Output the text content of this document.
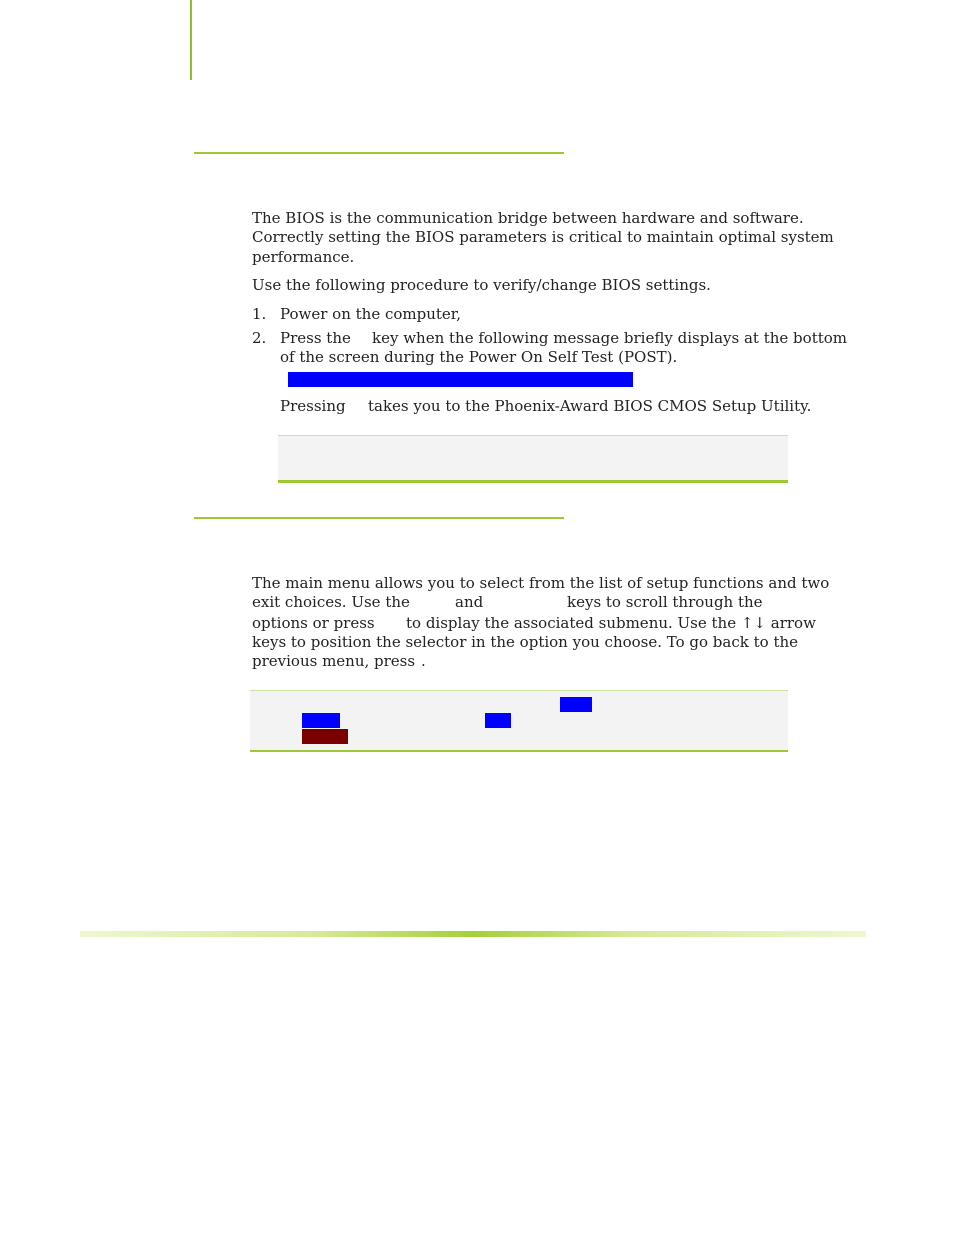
The BIOS is the communication bridge between hardware and software.

Correctly setting the BIOS parameters is critical to maintain optimal system

performance.

Use the following procedure to verify/change BIOS settings.

1. Power on the computer,
2. Press the key when the following message briefly displays at the bottom
of the screen during the Power On Self Test (POST).
Pressing takes you to the Phoenix-Award BIOS CMOS Setup Utility.

The main menu allows you to select from the list of setup functions and two

exit choices. Use the	and	keys to scroll through the
options or press to display the associated submenu. Use the ↑↓ arrow

keys to position the selector in the option you choose. To go back to the

previous menu, press .
